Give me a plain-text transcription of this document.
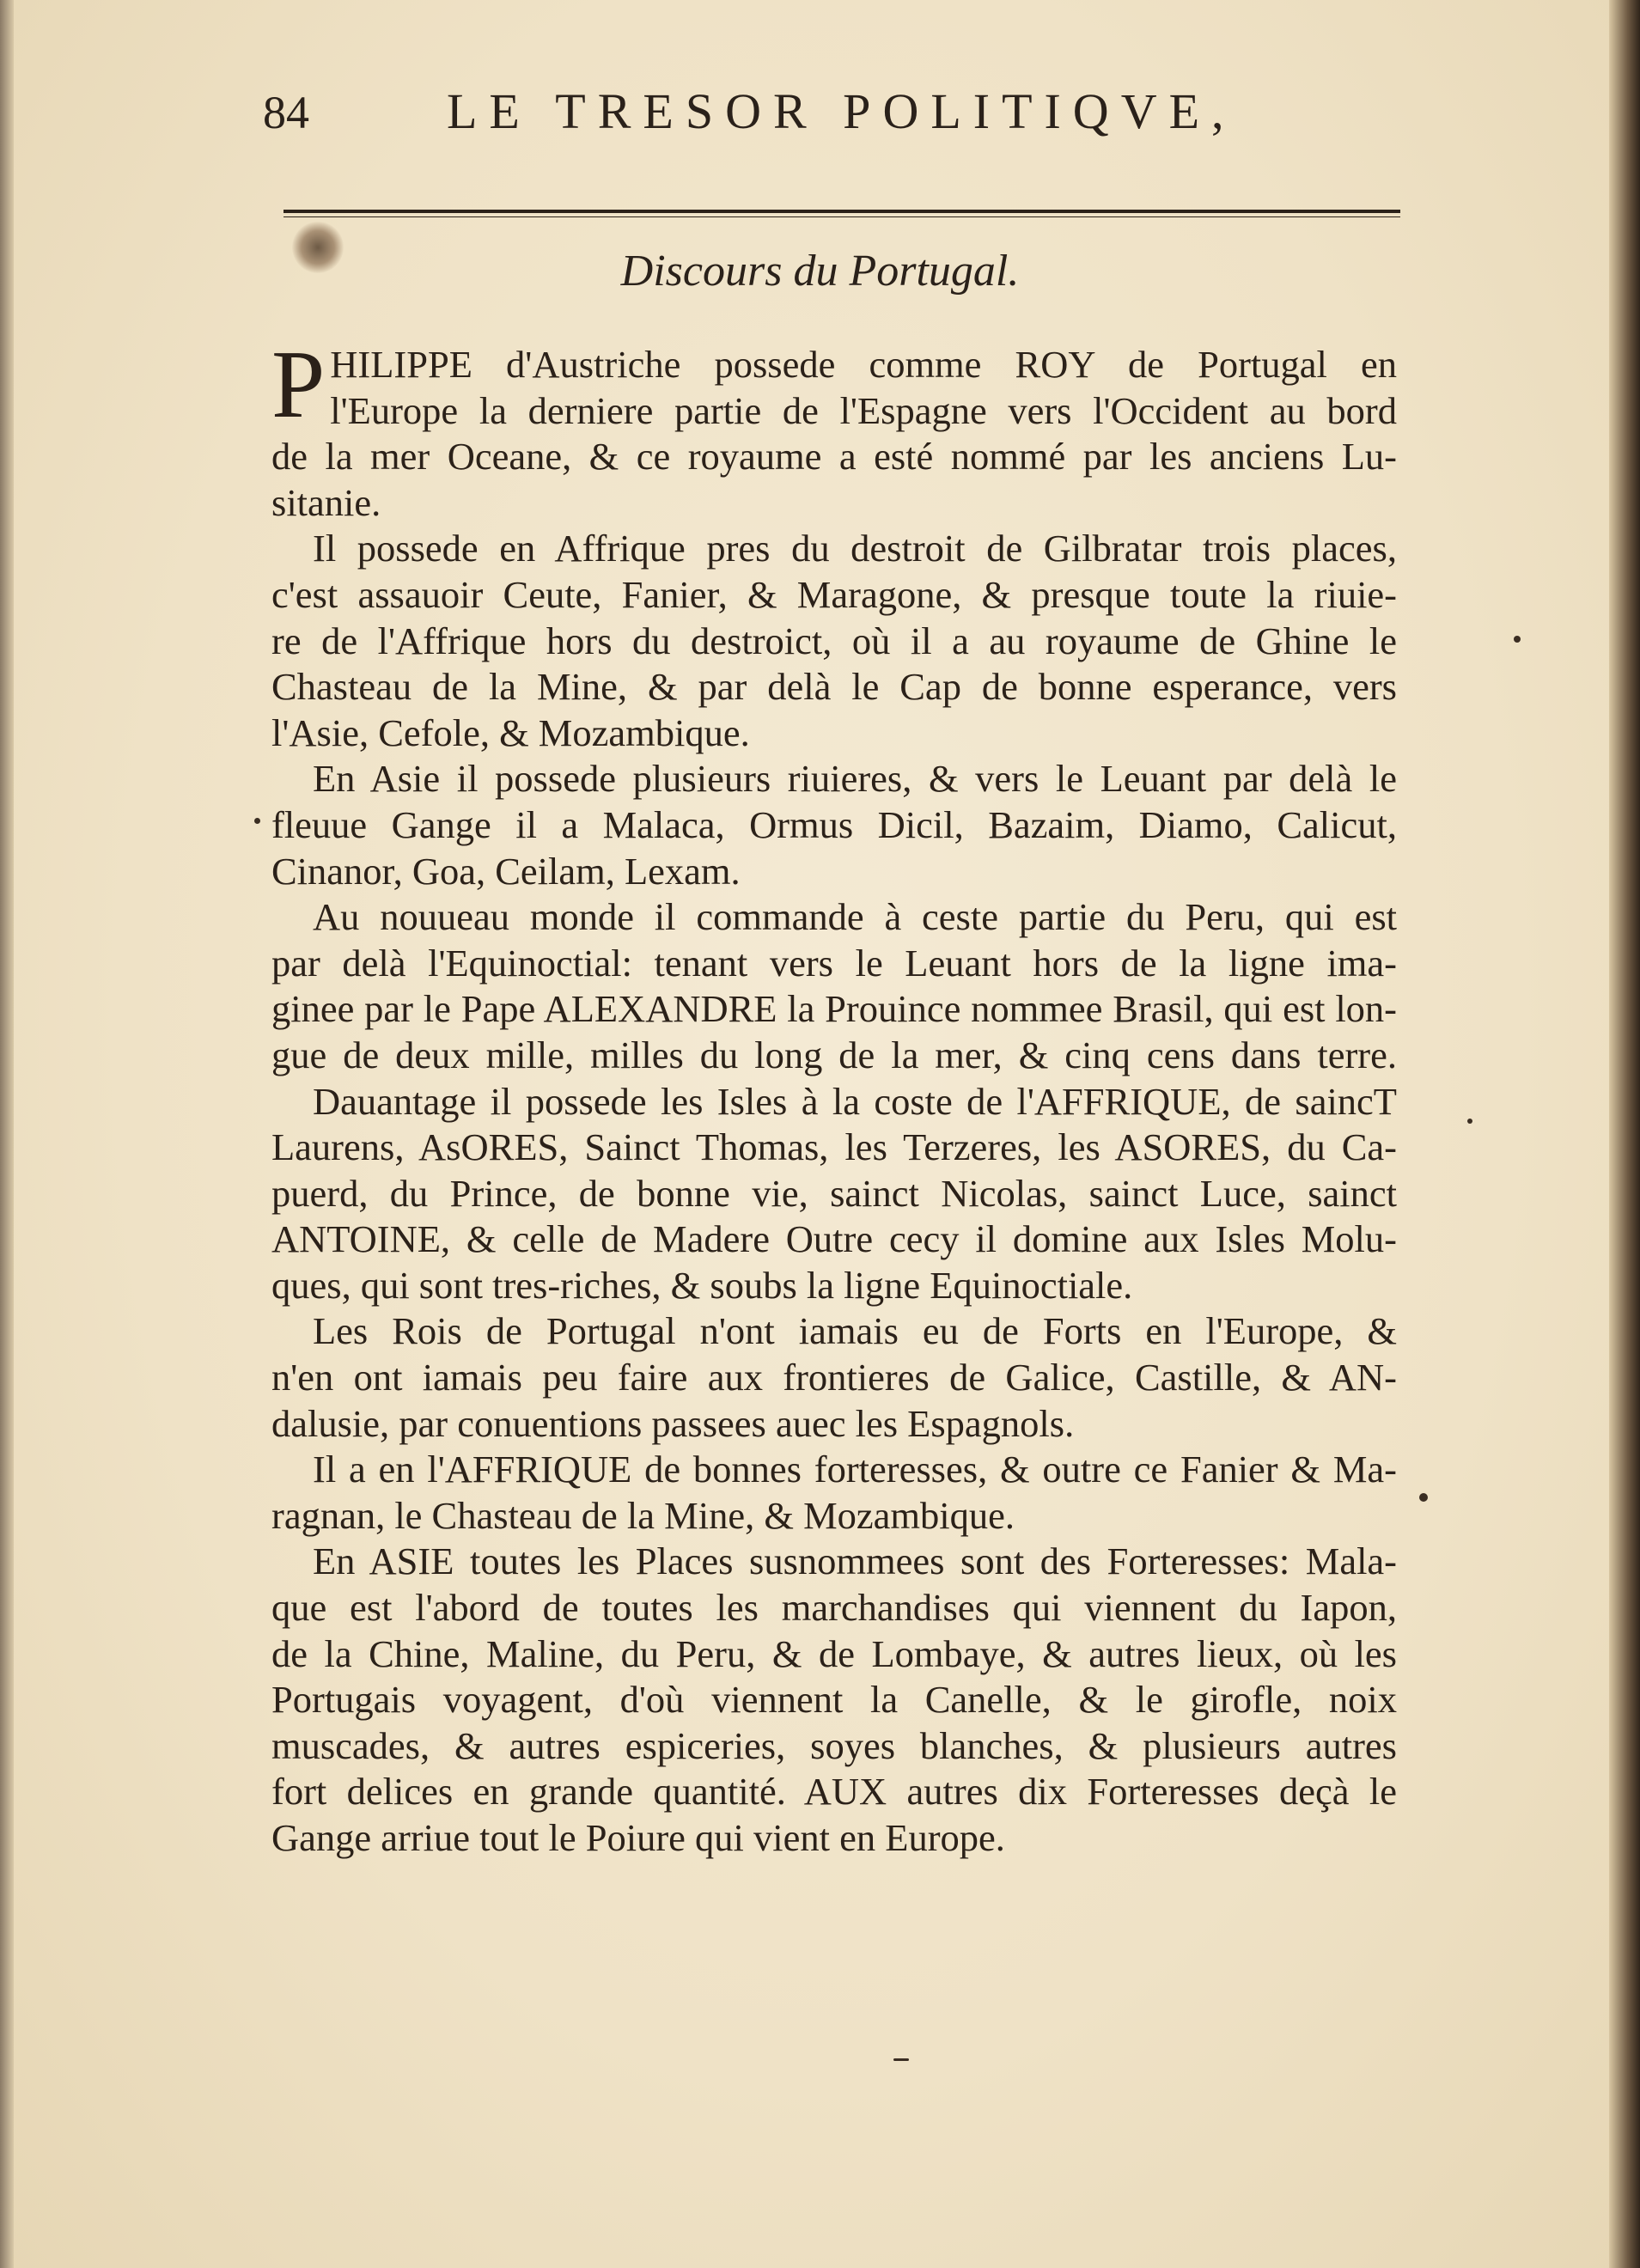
84	LE TRESOR POLITIQVE,
Discours du Portugal.
P HILIPPE d'Austriche possede comme ROY de Portugal en
l'Europe la derniere partie de l'Espagne vers l'Occident au bord
de la mer Oceane, & ce royaume a esté nommé par les anciens Lu-
sitanie.
Il possede en Affrique pres du destroit de Gilbratar trois places,
c'est assauoir Ceute, Fanier, & Maragone, & presque toute la riuie-
re de l'Affrique hors du destroict, où il a au royaume de Ghine le
Chasteau de la Mine, & par delà le Cap de bonne esperance, vers
l'Asie, Cefole, & Mozambique.
En Asie il possede plusieurs riuieres, & vers le Leuant par delà le
fleuue Gange il a Malaca, Ormus Dicil, Bazaim, Diamo, Calicut,
Cinanor, Goa, Ceilam, Lexam.
Au nouueau monde il commande à ceste partie du Peru, qui est
par delà l'Equinoctial: tenant vers le Leuant hors de la ligne ima-
ginee par le Pape ALEXANDRE la Prouince nommee Brasil, qui est lon-
gue de deux mille, milles du long de la mer, & cinq cens dans terre.
Dauantage il possede les Isles à la coste de l'AFFRIQUE, de saincT
Laurens, AsORES, Sainct Thomas, les Terzeres, les ASORES, du Ca-
puerd, du Prince, de bonne vie, sainct Nicolas, sainct Luce, sainct
ANTOINE, & celle de Madere Outre cecy il domine aux Isles Molu-
ques, qui sont tres-riches, & soubs la ligne Equinoctiale.
Les Rois de Portugal n'ont iamais eu de Forts en l'Europe, &
n'en ont iamais peu faire aux frontieres de Galice, Castille, & AN-
dalusie, par conuentions passees auec les Espagnols.
Il a en l'AFFRIQUE de bonnes forteresses, & outre ce Fanier & Ma-
ragnan, le Chasteau de la Mine, & Mozambique.
En ASIE toutes les Places susnommees sont des Forteresses: Mala-
que est l'abord de toutes les marchandises qui viennent du Iapon,
de la Chine, Maline, du Peru, & de Lombaye, & autres lieux, où les
Portugais voyagent, d'où viennent la Canelle, & le girofle, noix
muscades, & autres espiceries, soyes blanches, & plusieurs autres
fort delices en grande quantité. AUX autres dix Forteresses deçà le
Gange arriue tout le Poiure qui vient en Europe.
